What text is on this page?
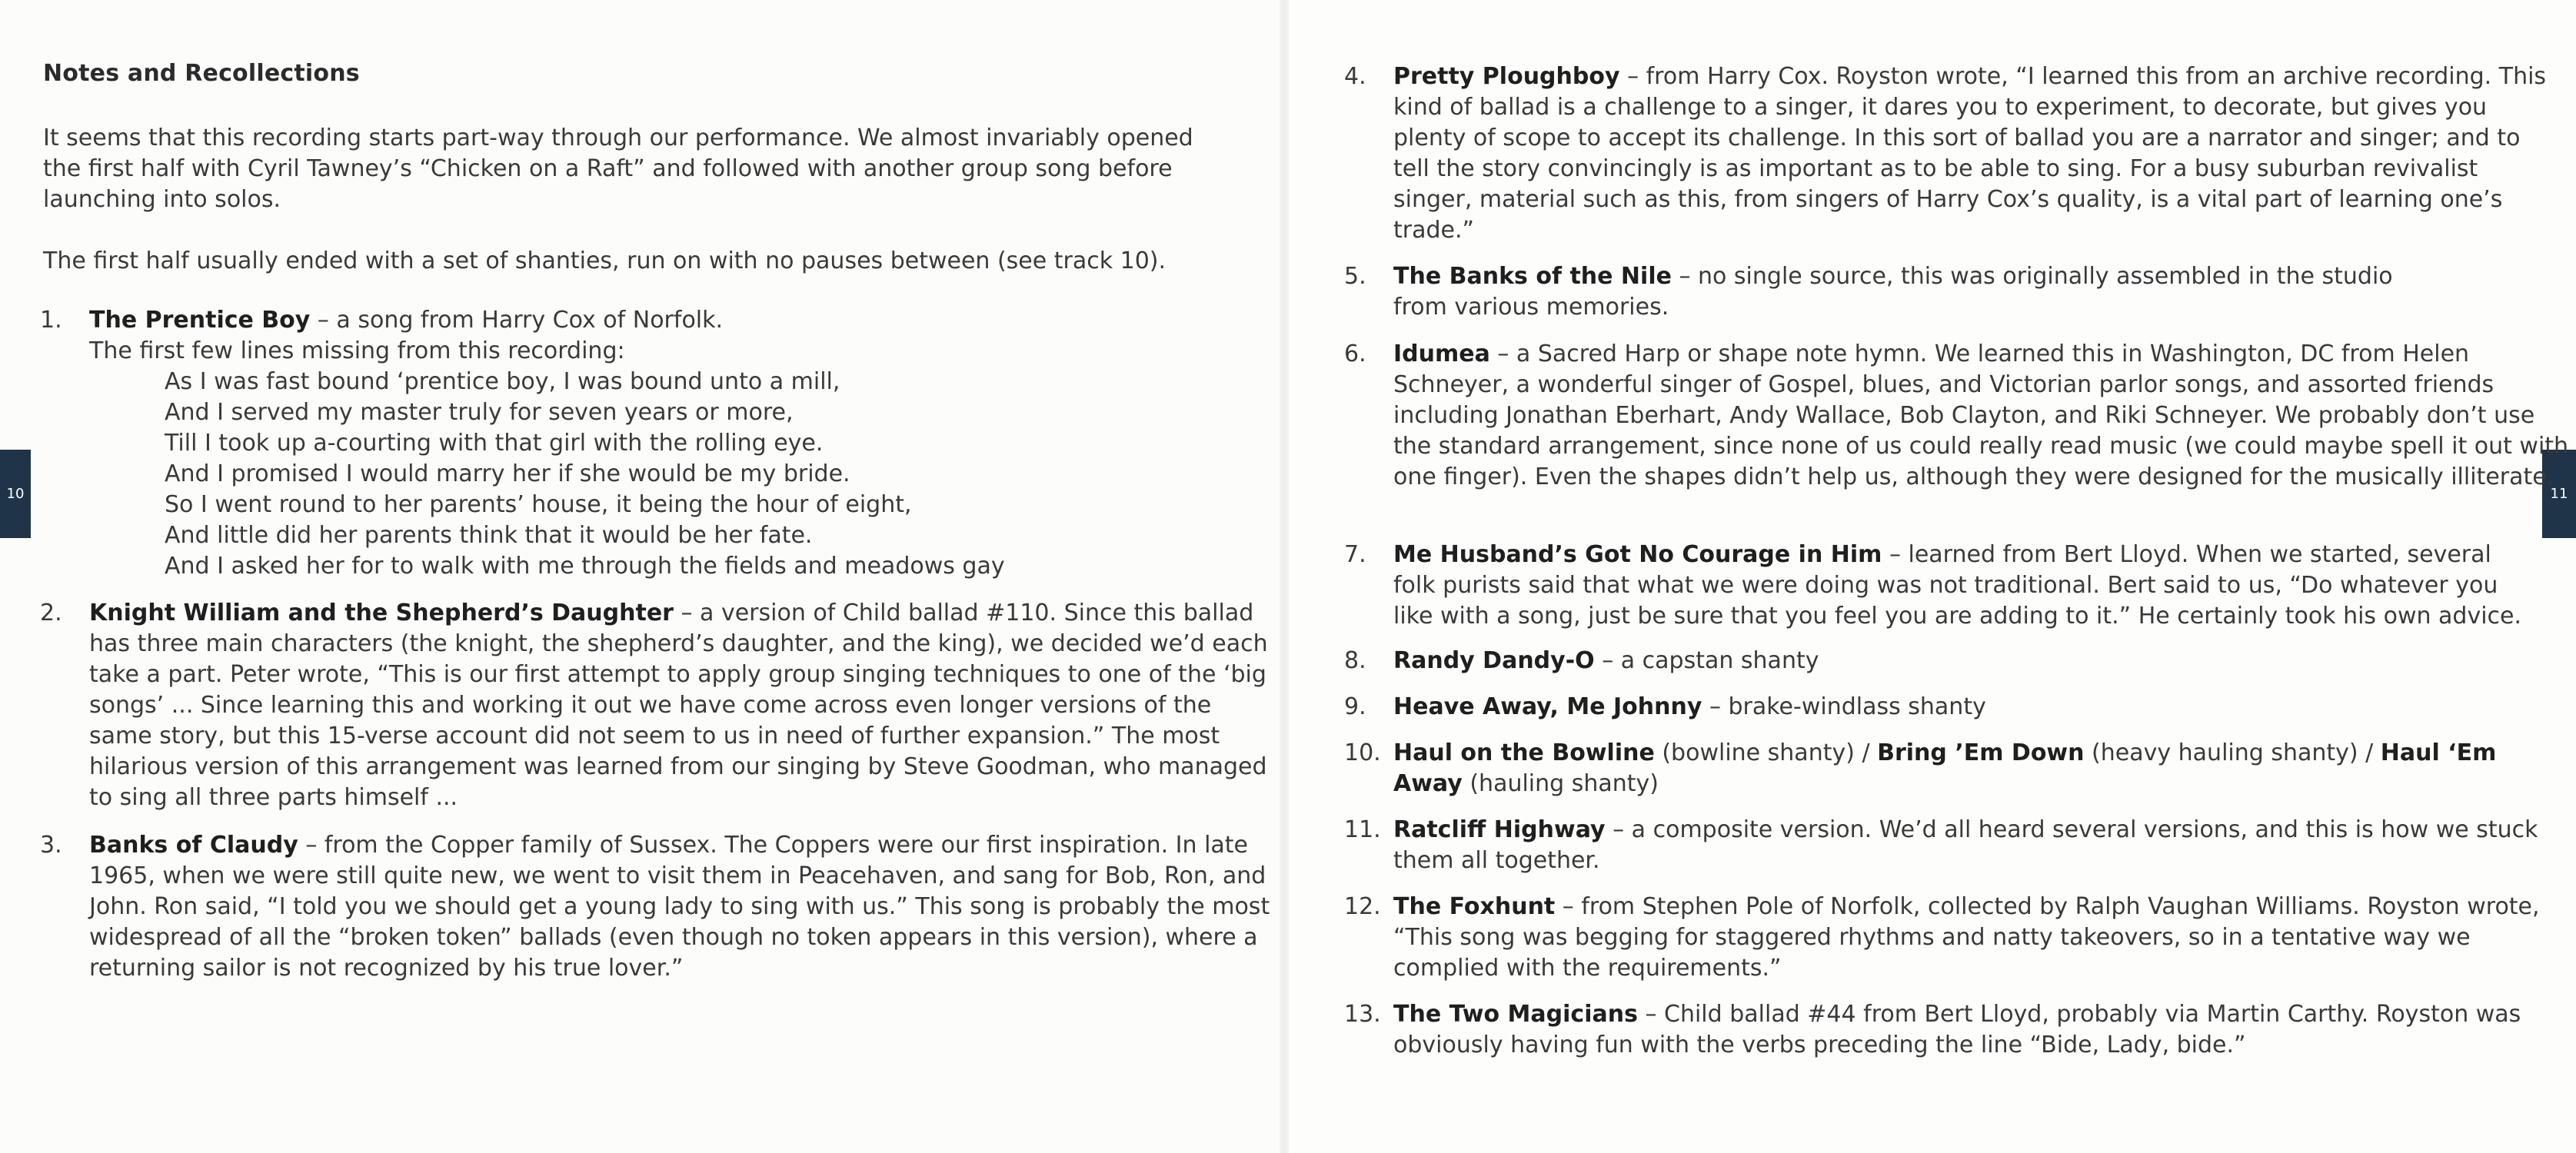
10	11
Notes and Recollections
It seems that this recording starts part-way through our performance. We almost invariably opened the first half with Cyril Tawney’s “Chicken on a Raft” and followed with another group song before launching into solos.
The first half usually ended with a set of shanties, run on with no pauses between (see track 10).
1.	The Prentice Boy – a song from Harry Cox of Norfolk.
The first few lines missing from this recording:
As I was fast bound ‘prentice boy, I was bound unto a mill,
And I served my master truly for seven years or more,
Till I took up a-courting with that girl with the rolling eye.
And I promised I would marry her if she would be my bride.
So I went round to her parents’ house, it being the hour of eight,
And little did her parents think that it would be her fate.
And I asked her for to walk with me through the fields and meadows gay
2.	Knight William and the Shepherd’s Daughter – a version of Child ballad #110. Since this ballad has three main characters (the knight, the shepherd’s daughter, and the king), we decided we’d each take a part. Peter wrote, “This is our first attempt to apply group singing techniques to one of the ‘big songs’ ... Since learning this and working it out we have come across even longer versions of the same story, but this 15-verse account did not seem to us in need of further expansion.” The most hilarious version of this arrangement was learned from our singing by Steve Goodman, who managed to sing all three parts himself ...
3.	Banks of Claudy – from the Copper family of Sussex. The Coppers were our first inspiration. In late 1965, when we were still quite new, we went to visit them in Peacehaven, and sang for Bob, Ron, and John. Ron said, “I told you we should get a young lady to sing with us.” This song is probably the most widespread of all the “broken token” ballads (even though no token appears in this version), where a returning sailor is not recognized by his true lover.”
4.	Pretty Ploughboy – from Harry Cox. Royston wrote, “I learned this from an archive recording. This kind of ballad is a challenge to a singer, it dares you to experiment, to decorate, but gives you plenty of scope to accept its challenge. In this sort of ballad you are a narrator and singer; and to tell the story convincingly is as important as to be able to sing. For a busy suburban revivalist singer, material such as this, from singers of Harry Cox’s quality, is a vital part of learning one’s trade.”
5.	The Banks of the Nile – no single source, this was originally assembled in the studio from various memories.
6.	Idumea – a Sacred Harp or shape note hymn. We learned this in Washington, DC from Helen Schneyer, a wonderful singer of Gospel, blues, and Victorian parlor songs, and assorted friends including Jonathan Eberhart, Andy Wallace, Bob Clayton, and Riki Schneyer. We probably don’t use the standard arrangement, since none of us could really read music (we could maybe spell it out with one finger). Even the shapes didn’t help us, although they were designed for the musically illiterate.
7.	Me Husband’s Got No Courage in Him – learned from Bert Lloyd. When we started, several folk purists said that what we were doing was not traditional. Bert said to us, “Do whatever you like with a song, just be sure that you feel you are adding to it.” He certainly took his own advice.
8.	Randy Dandy-O – a capstan shanty
9.	Heave Away, Me Johnny – brake-windlass shanty
10. Haul on the Bowline (bowline shanty) / Bring ’Em Down (heavy hauling shanty) / Haul ‘Em Away (hauling shanty)
11. Ratcliff Highway – a composite version. We’d all heard several versions, and this is how we stuck them all together.
12. The Foxhunt – from Stephen Pole of Norfolk, collected by Ralph Vaughan Williams. Royston wrote, “This song was begging for staggered rhythms and natty takeovers, so in a tentative way we complied with the requirements.”
13. The Two Magicians – Child ballad #44 from Bert Lloyd, probably via Martin Carthy. Royston was obviously having fun with the verbs preceding the line “Bide, Lady, bide.”
